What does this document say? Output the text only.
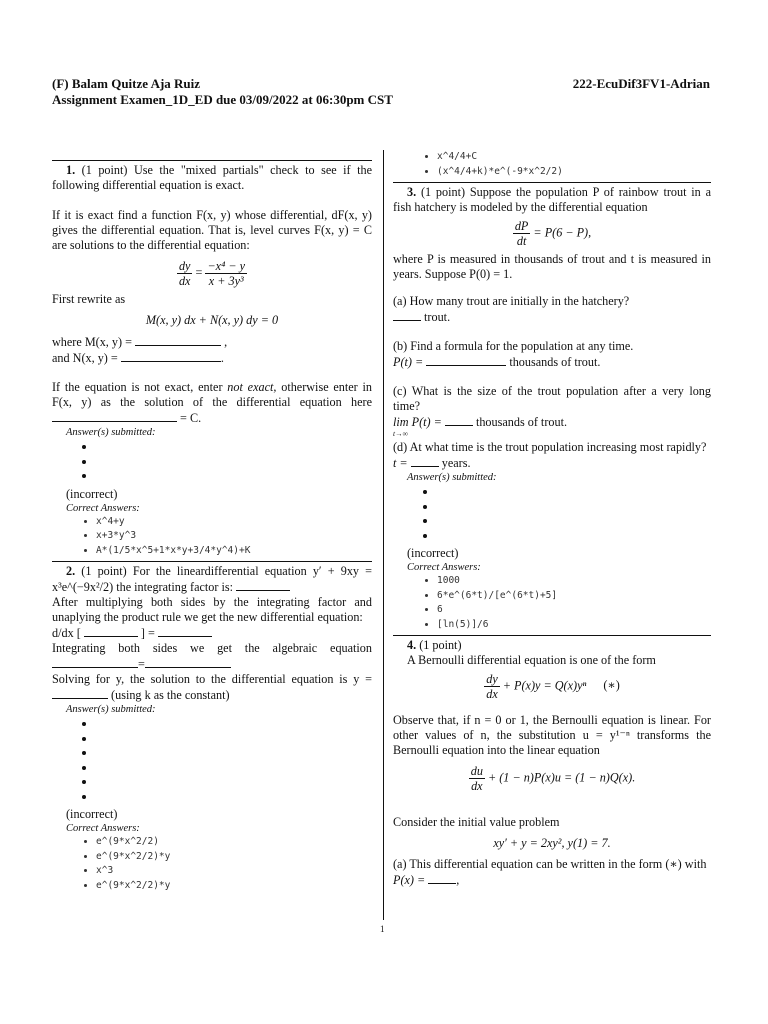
(F) Balam Quitze Aja Ruiz	222-EcuDif3FV1-Adrian
Assignment Examen_1D_ED due 03/09/2022 at 06:30pm CST

1. (1 point) Use the "mixed partials" check to see if the following differential equation is exact.

If it is exact find a function F(x, y) whose differential, dF(x, y) gives the differential equation. That is, level curves F(x, y) = C are solutions to the differential equation:

$\frac{dy}{dx} = \frac{\text{−x⁴ − y}}{\text{x + 3y³}}$

First rewrite as

M(x, y) dx + N(x, y) dy = 0

where M(x, y) =	,

and N(x, y) =	.

If the equation is not exact, enter not exact, otherwise enter in F(x, y) as the solution of the differential equation here  = C.

Answer(s) submitted:
•
•
•
(incorrect)
Correct Answers:
• x^4+y
• x+3*y^3
• A*(1/5*x^5+1*x*y+3/4*y^4)+K

2. (1 point) For the lineardifferential equation y′ + 9xy = x³e^(−9x²/2) the integrating factor is:

After multiplying both sides by the integrating factor and unaplying the product rule we get the new differential equation:

d/dx [	] =

Integrating both sides we get the algebraic equation =

Solving for y, the solution to the differential equation is y =  (using k as the constant)

Answer(s) submitted:
•
•
•
•
•
•
(incorrect)
Correct Answers:
• e^(9*x^2/2)
• e^(9*x^2/2)*y
• x^3
• e^(9*x^2/2)*y
• x^4/4+C
• (x^4/4+k)*e^(-9*x^2/2)

3. (1 point) Suppose the population P of rainbow trout in a fish hatchery is modeled by the differential equation

$\frac{dP}{dt} = P(6 - P)$,

where P is measured in thousands of trout and t is measured in years. Suppose P(0) = 1.

(a) How many trout are initially in the hatchery?

trout.

(b) Find a formula for the population at any time.

P(t) =	thousands of trout.

(c) What is the size of the trout population after a very long time?

lim P(t) =	thousands of trout.
t→∞

(d) At what time is the trout population increasing most rapidly?

t =	years.

Answer(s) submitted:
•
•
•
•
(incorrect)
Correct Answers:
• 1000
• 6*e^(6*t)/[e^(6*t)+5]
• 6
• [ln(5)]/6

4. (1 point)

A Bernoulli differential equation is one of the form

$\frac{dy}{dx} + P(x)y = Q(x)y^n$ (∗)

Observe that, if n = 0 or 1, the Bernoulli equation is linear. For other values of n, the substitution u = y¹⁻ⁿ transforms the Bernoulli equation into the linear equation

$\frac{du}{dx} + (1 - n)P(x)u = (1 - n)Q(x)$.

Consider the initial value problem

xy′ + y = 2xy², y(1) = 7.

(a) This differential equation can be written in the form (∗) with

P(x) =	,

1
